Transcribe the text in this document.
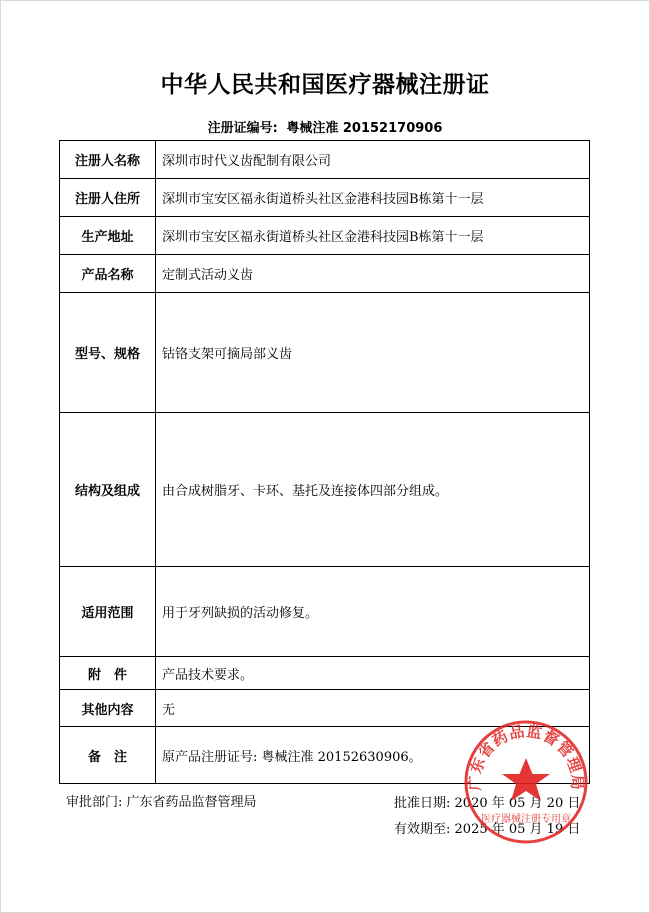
中华人民共和国医疗器械注册证
注册证编号: 粤械注准 20152170906
注册人名称	深圳市时代义齿配制有限公司
注册人住所	深圳市宝安区福永街道桥头社区金港科技园B栋第十一层
生产地址	深圳市宝安区福永街道桥头社区金港科技园B栋第十一层
产品名称	定制式活动义齿
型号、规格	钴铬支架可摘局部义齿
结构及组成	由合成树脂牙、卡环、基托及连接体四部分组成。
适用范围	用于牙列缺损的活动修复。
附　件	产品技术要求。
其他内容	无
备　注	原产品注册证号: 粤械注准 20152630906。
审批部门: 广东省药品监督管理局	批准日期: 2020 年 05 月 20 日
有效期至: 2025 年 05 月 19 日
广东省药品监督管理局
医疗器械注册专用章
